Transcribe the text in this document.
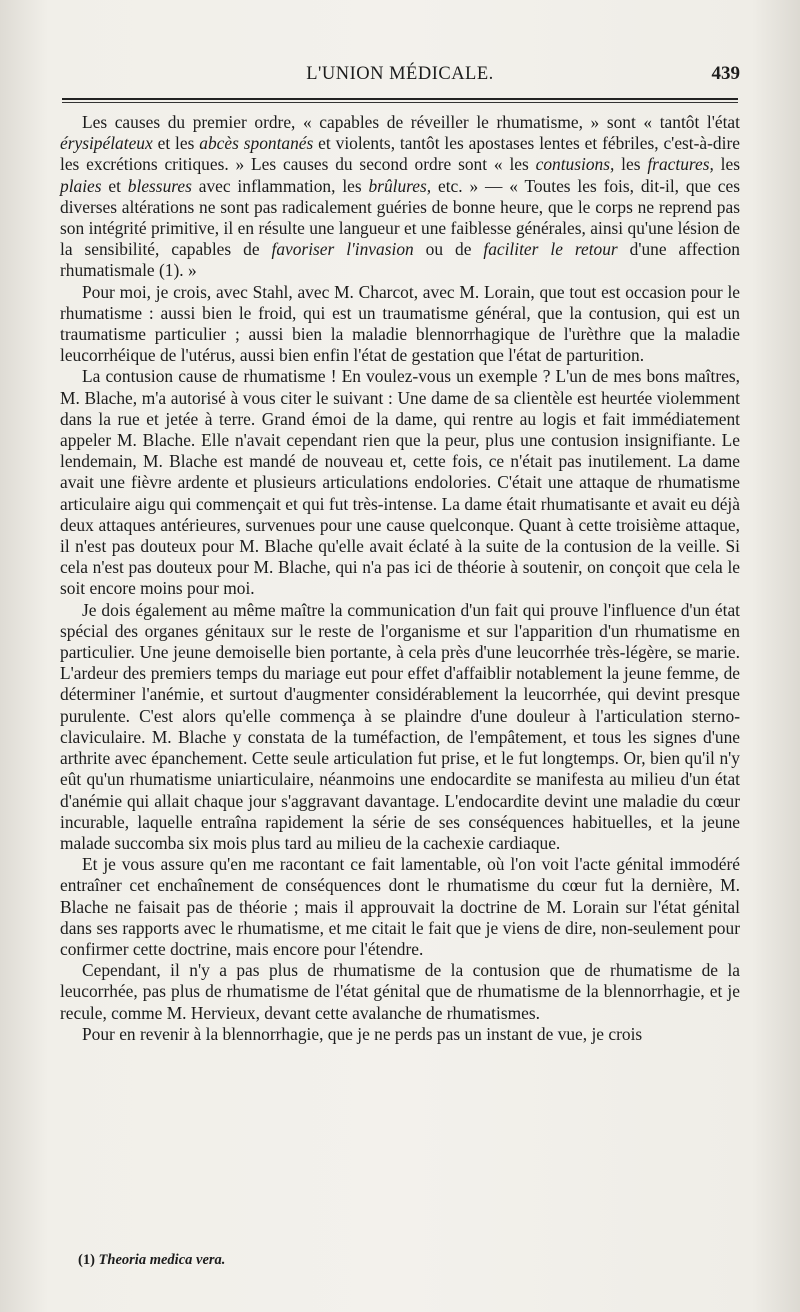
L'UNION MÉDICALE.	439

Les causes du premier ordre, « capables de réveiller le rhumatisme, » sont « tantôt l'état érysipélateux et les abcès spontanés et violents, tantôt les apostases lentes et fébriles, c'est-à-dire les excrétions critiques. » Les causes du second ordre sont « les contusions, les fractures, les plaies et blessures avec inflammation, les brûlures, etc. » — « Toutes les fois, dit-il, que ces diverses altérations ne sont pas radicalement guéries de bonne heure, que le corps ne reprend pas son intégrité primitive, il en résulte une langueur et une faiblesse générales, ainsi qu'une lésion de la sensibilité, capables de favoriser l'invasion ou de faciliter le retour d'une affection rhumatismale (1). »

Pour moi, je crois, avec Stahl, avec M. Charcot, avec M. Lorain, que tout est occasion pour le rhumatisme : aussi bien le froid, qui est un traumatisme général, que la contusion, qui est un traumatisme particulier ; aussi bien la maladie blennorrhagique de l'urèthre que la maladie leucorrhéique de l'utérus, aussi bien enfin l'état de gestation que l'état de parturition.

La contusion cause de rhumatisme ! En voulez-vous un exemple ? L'un de mes bons maîtres, M. Blache, m'a autorisé à vous citer le suivant : Une dame de sa clientèle est heurtée violemment dans la rue et jetée à terre. Grand émoi de la dame, qui rentre au logis et fait immédiatement appeler M. Blache. Elle n'avait cependant rien que la peur, plus une contusion insignifiante. Le lendemain, M. Blache est mandé de nouveau et, cette fois, ce n'était pas inutilement. La dame avait une fièvre ardente et plusieurs articulations endolories. C'était une attaque de rhumatisme articulaire aigu qui commençait et qui fut très-intense. La dame était rhumatisante et avait eu déjà deux attaques antérieures, survenues pour une cause quelconque. Quant à cette troisième attaque, il n'est pas douteux pour M. Blache qu'elle avait éclaté à la suite de la contusion de la veille. Si cela n'est pas douteux pour M. Blache, qui n'a pas ici de théorie à soutenir, on conçoit que cela le soit encore moins pour moi.

Je dois également au même maître la communication d'un fait qui prouve l'influence d'un état spécial des organes génitaux sur le reste de l'organisme et sur l'apparition d'un rhumatisme en particulier. Une jeune demoiselle bien portante, à cela près d'une leucorrhée très-légère, se marie. L'ardeur des premiers temps du mariage eut pour effet d'affaiblir notablement la jeune femme, de déterminer l'anémie, et surtout d'augmenter considérablement la leucorrhée, qui devint presque purulente. C'est alors qu'elle commença à se plaindre d'une douleur à l'articulation sterno-claviculaire. M. Blache y constata de la tuméfaction, de l'empâtement, et tous les signes d'une arthrite avec épanchement. Cette seule articulation fut prise, et le fut longtemps. Or, bien qu'il n'y eût qu'un rhumatisme uniarticulaire, néanmoins une endocardite se manifesta au milieu d'un état d'anémie qui allait chaque jour s'aggravant davantage. L'endocardite devint une maladie du cœur incurable, laquelle entraîna rapidement la série de ses conséquences habituelles, et la jeune malade succomba six mois plus tard au milieu de la cachexie cardiaque.

Et je vous assure qu'en me racontant ce fait lamentable, où l'on voit l'acte génital immodéré entraîner cet enchaînement de conséquences dont le rhumatisme du cœur fut la dernière, M. Blache ne faisait pas de théorie ; mais il approuvait la doctrine de M. Lorain sur l'état génital dans ses rapports avec le rhumatisme, et me citait le fait que je viens de dire, non-seulement pour confirmer cette doctrine, mais encore pour l'étendre.

Cependant, il n'y a pas plus de rhumatisme de la contusion que de rhumatisme de la leucorrhée, pas plus de rhumatisme de l'état génital que de rhumatisme de la blennorrhagie, et je recule, comme M. Hervieux, devant cette avalanche de rhumatismes.

Pour en revenir à la blennorrhagie, que je ne perds pas un instant de vue, je crois

(1) Theoria medica vera.
